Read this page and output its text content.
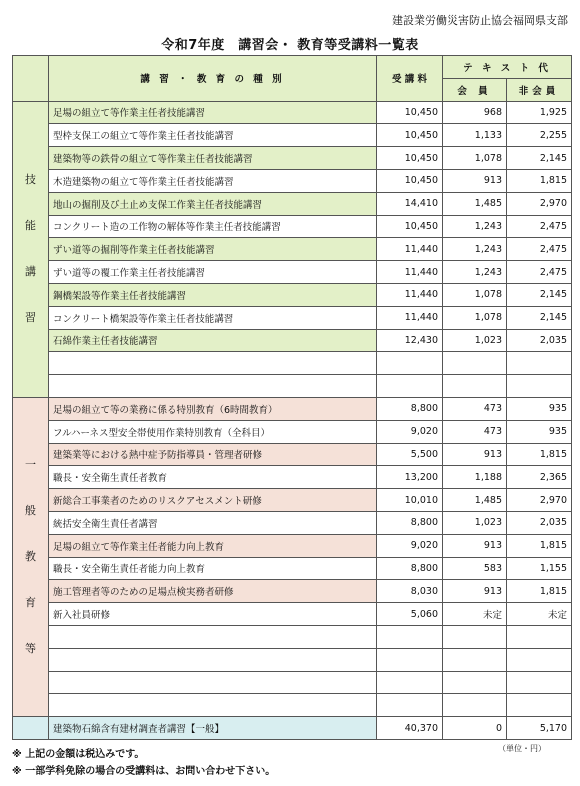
建設業労働災害防止協会福岡県支部
令和7年度　講習会・ 教育等受講料一覧表
	講 習 ・ 教 育 の 種 別	受 講 料	テ キ ス ト 代	
			会 員	非会員

技
能
講
習	足場の組立て等作業主任者技能講習	10,450	968	1,925
	型枠支保工の組立て等作業主任者技能講習	10,450	1,133	2,255
	建築物等の鉄骨の組立て等作業主任者技能講習	10,450	1,078	2,145
	木造建築物の組立て等作業主任者技能講習	10,450	913	1,815
	地山の掘削及び土止め支保工作業主任者技能講習	14,410	1,485	2,970
	コンクリート造の工作物の解体等作業主任者技能講習	10,450	1,243	2,475
	ずい道等の掘削等作業主任者技能講習	11,440	1,243	2,475
	ずい道等の覆工作業主任者技能講習	11,440	1,243	2,475
	鋼橋架設等作業主任者技能講習	11,440	1,078	2,145
	コンクリート橋架設等作業主任者技能講習	11,440	1,078	2,145
	石綿作業主任者技能講習	12,430	1,023	2,035

一
般
教
育
等	足場の組立て等の業務に係る特別教育（6時間教育）	8,800	473	935
	フルハーネス型安全帯使用作業特別教育（全科目）	9,020	473	935
	建築業等における熱中症予防指導員・管理者研修	5,500	913	1,815
	職長・安全衛生責任者教育	13,200	1,188	2,365
	新総合工事業者のためのリスクアセスメント研修	10,010	1,485	2,970
	統括安全衛生責任者講習	8,800	1,023	2,035
	足場の組立て等作業主任者能力向上教育	9,020	913	1,815
	職長・安全衛生責任者能力向上教育	8,800	583	1,155
	施工管理者等のための足場点検実務者研修	8,030	913	1,815
	新入社員研修	5,060	未定	未定

	建築物石綿含有建材調査者講習【一般】	40,370	0	5,170
※ 上記の金額は税込みです。
※ 一部学科免除の場合の受講料は、お問い合わせ下さい。
（単位・円）
